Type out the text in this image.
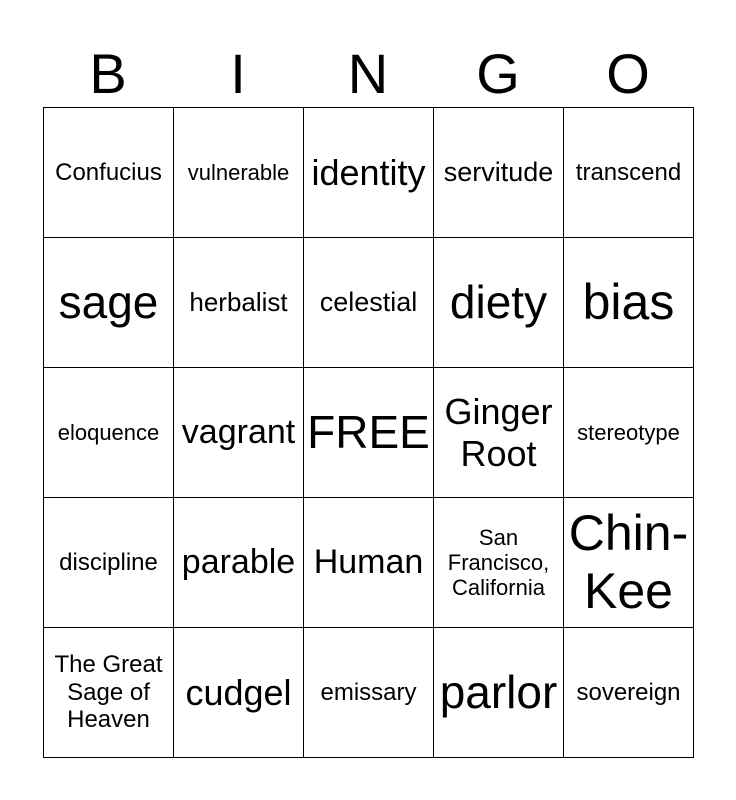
B	I	N	G	O
Confucius	vulnerable	identity	servitude	transcend
sage	herbalist	celestial	diety	bias
eloquence	vagrant	FREE	Ginger Root	stereotype
discipline	parable	Human	San Francisco, California	Chin-Kee
The Great Sage of Heaven	cudgel	emissary	parlor	sovereign
